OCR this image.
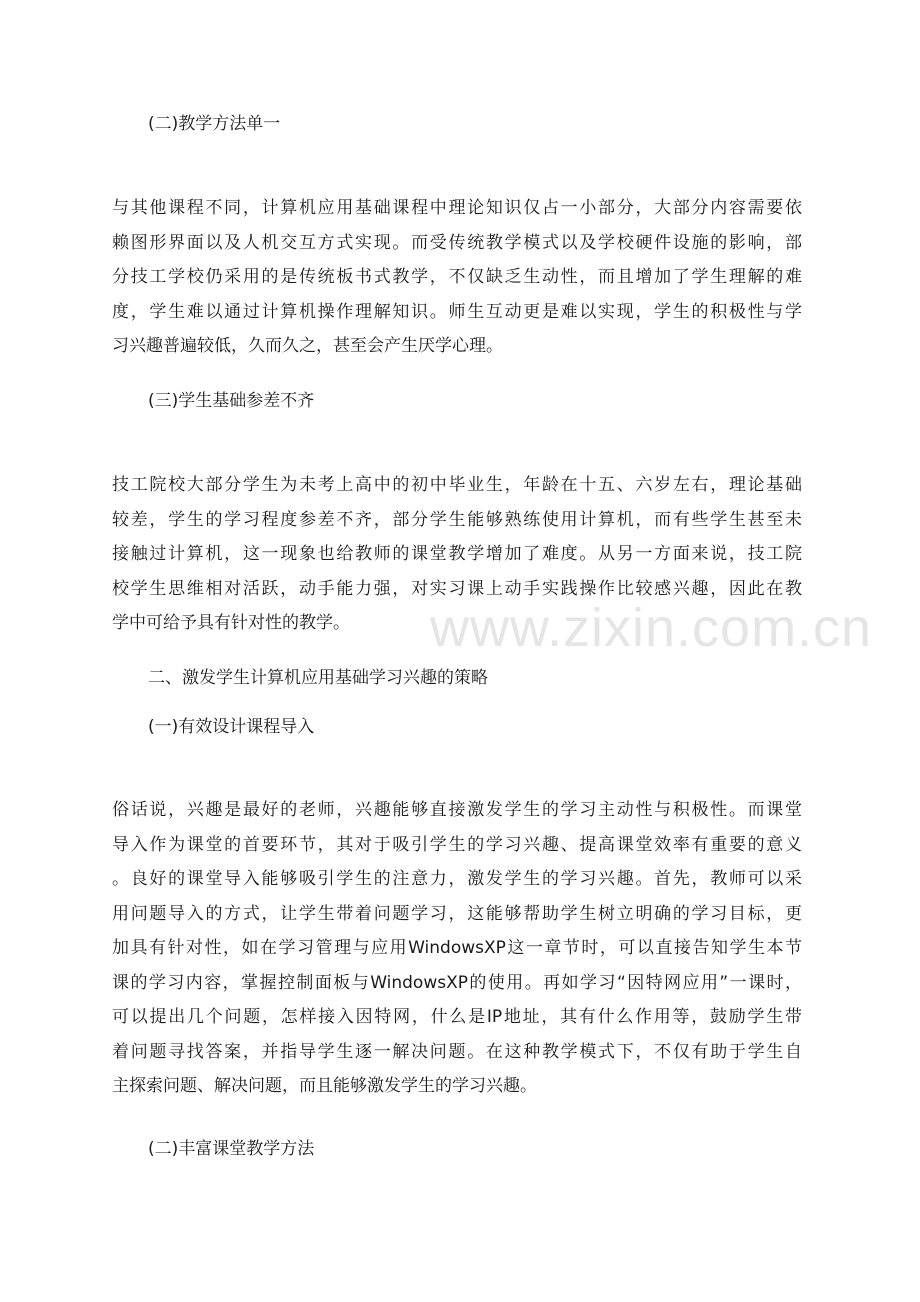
(二)教学方法单一
与其他课程不同，计算机应用基础课程中理论知识仅占一小部分，大部分内容需要依
赖图形界面以及人机交互方式实现。而受传统教学模式以及学校硬件设施的影响，部
分技工学校仍采用的是传统板书式教学，不仅缺乏生动性，而且增加了学生理解的难
度，学生难以通过计算机操作理解知识。师生互动更是难以实现，学生的积极性与学
习兴趣普遍较低，久而久之，甚至会产生厌学心理。
(三)学生基础参差不齐
技工院校大部分学生为未考上高中的初中毕业生，年龄在十五、六岁左右，理论基础
较差，学生的学习程度参差不齐，部分学生能够熟练使用计算机，而有些学生甚至未
接触过计算机，这一现象也给教师的课堂教学增加了难度。从另一方面来说，技工院
校学生思维相对活跃，动手能力强，对实习课上动手实践操作比较感兴趣，因此在教
学中可给予具有针对性的教学。
二、激发学生计算机应用基础学习兴趣的策略
(一)有效设计课程导入
俗话说，兴趣是最好的老师，兴趣能够直接激发学生的学习主动性与积极性。而课堂
导入作为课堂的首要环节，其对于吸引学生的学习兴趣、提高课堂效率有重要的意义
。良好的课堂导入能够吸引学生的注意力，激发学生的学习兴趣。首先，教师可以采
用问题导入的方式，让学生带着问题学习，这能够帮助学生树立明确的学习目标，更
加具有针对性，如在学习管理与应用WindowsXP这一章节时，可以直接告知学生本节
课的学习内容，掌握控制面板与WindowsXP的使用。再如学习“因特网应用”一课时，
可以提出几个问题，怎样接入因特网，什么是IP地址，其有什么作用等，鼓励学生带
着问题寻找答案，并指导学生逐一解决问题。在这种教学模式下，不仅有助于学生自
主探索问题、解决问题，而且能够激发学生的学习兴趣。
(二)丰富课堂教学方法
www.zixin.com.cn
